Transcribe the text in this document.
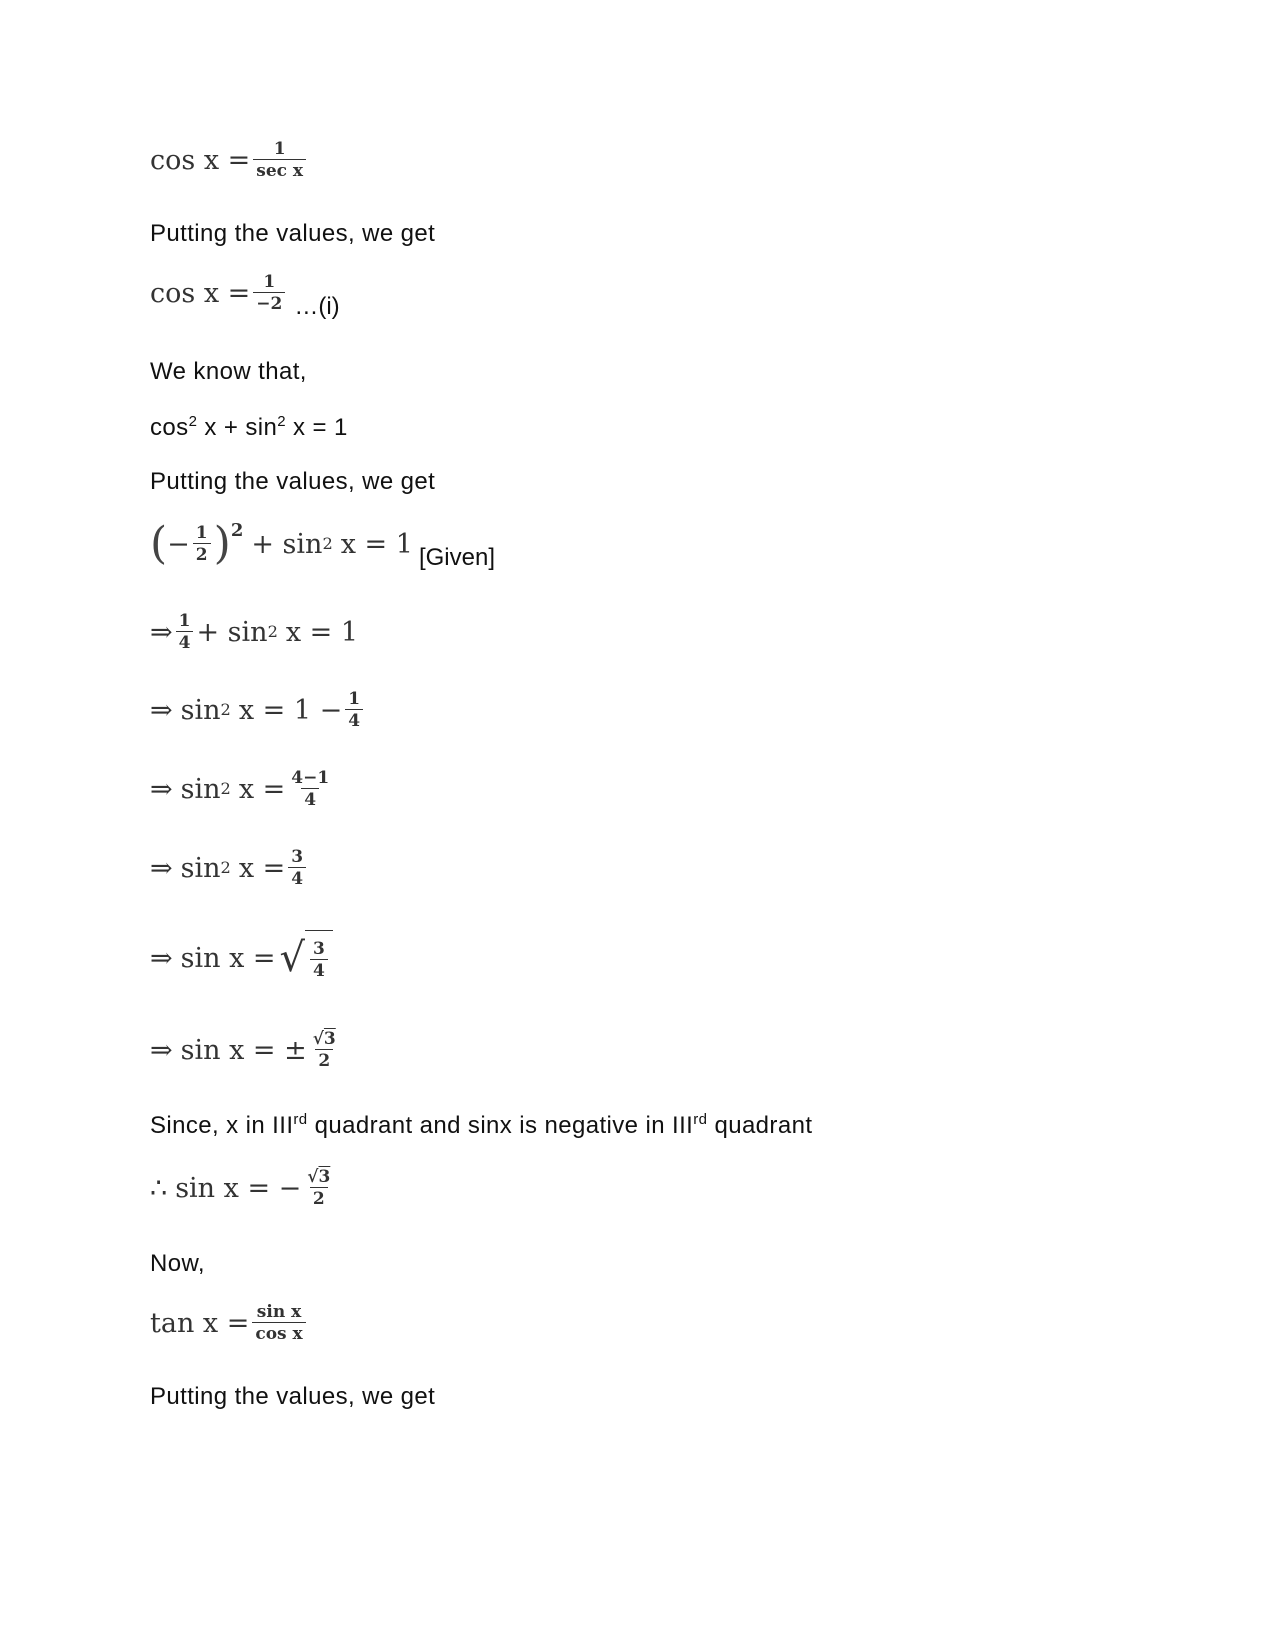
$\cos x = \frac{1}{\text{sec x}}$
Putting the values, we get
$\cos x = \frac{1}{-2}$ …(i)
We know that,
$\cos^2 x + \sin^2 x = 1$
Putting the values, we get
( − $\frac{1}{2}$ ) 2 + sin 2 x = 1 [Given]
⇒ $\frac{1}{4} + \sin 2$ x = 1
⇒ sin 2 $x = 1 - \frac{1}{4}$
⇒ sin 2 $x = \frac{4-1}{4}$
⇒ sin 2 $x = \frac{3}{4}$
⇒ sin x = √ $\frac{3}{4}$
⇒ sin x = ± $\frac{√3}{2}$
Since, x in IIIrd quadrant and sinx is negative in IIIrd quadrant
∴ sin x = − $\frac{√3}{2}$
Now,
$\tan x = \frac{\text{sin x}}{\text{cos x}}$
Putting the values, we get
